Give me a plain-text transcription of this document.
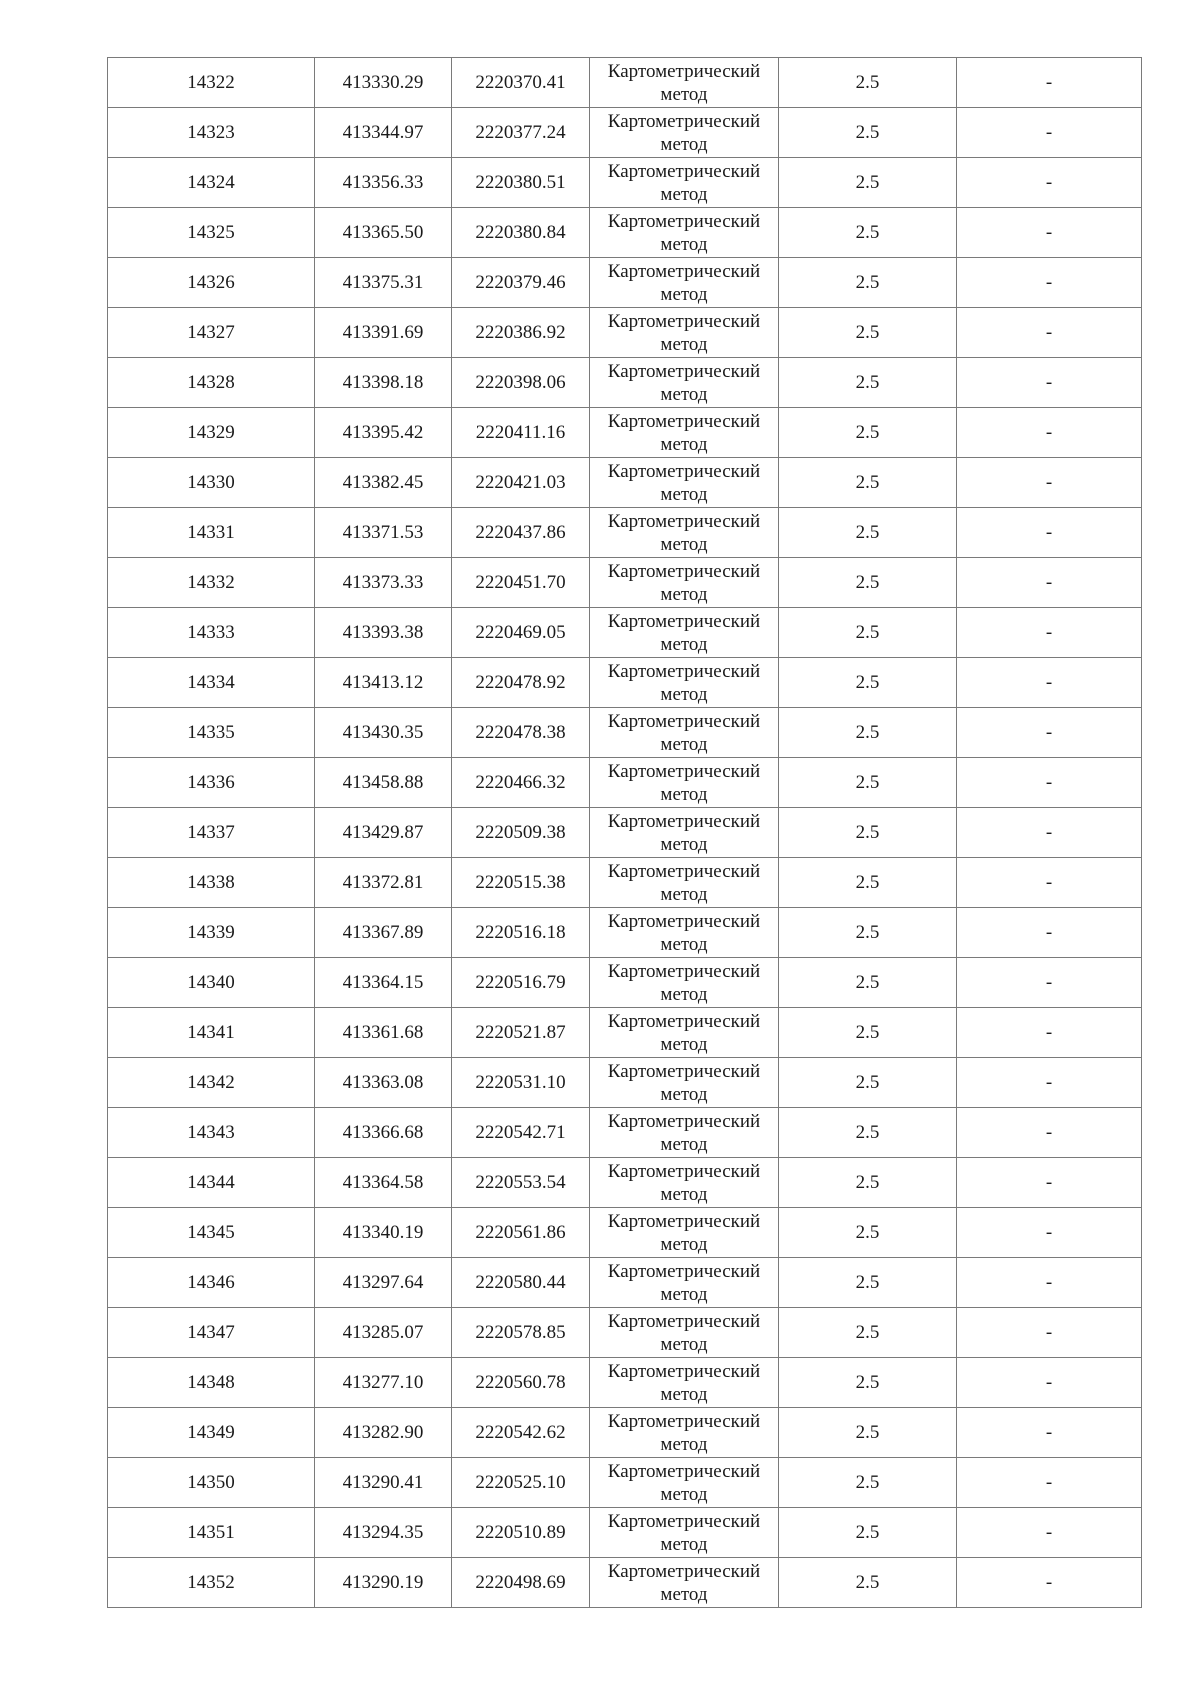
14322	413330.29	2220370.41	Картометрический метод	2.5	-
14323	413344.97	2220377.24	Картометрический метод	2.5	-
14324	413356.33	2220380.51	Картометрический метод	2.5	-
14325	413365.50	2220380.84	Картометрический метод	2.5	-
14326	413375.31	2220379.46	Картометрический метод	2.5	-
14327	413391.69	2220386.92	Картометрический метод	2.5	-
14328	413398.18	2220398.06	Картометрический метод	2.5	-
14329	413395.42	2220411.16	Картометрический метод	2.5	-
14330	413382.45	2220421.03	Картометрический метод	2.5	-
14331	413371.53	2220437.86	Картометрический метод	2.5	-
14332	413373.33	2220451.70	Картометрический метод	2.5	-
14333	413393.38	2220469.05	Картометрический метод	2.5	-
14334	413413.12	2220478.92	Картометрический метод	2.5	-
14335	413430.35	2220478.38	Картометрический метод	2.5	-
14336	413458.88	2220466.32	Картометрический метод	2.5	-
14337	413429.87	2220509.38	Картометрический метод	2.5	-
14338	413372.81	2220515.38	Картометрический метод	2.5	-
14339	413367.89	2220516.18	Картометрический метод	2.5	-
14340	413364.15	2220516.79	Картометрический метод	2.5	-
14341	413361.68	2220521.87	Картометрический метод	2.5	-
14342	413363.08	2220531.10	Картометрический метод	2.5	-
14343	413366.68	2220542.71	Картометрический метод	2.5	-
14344	413364.58	2220553.54	Картометрический метод	2.5	-
14345	413340.19	2220561.86	Картометрический метод	2.5	-
14346	413297.64	2220580.44	Картометрический метод	2.5	-
14347	413285.07	2220578.85	Картометрический метод	2.5	-
14348	413277.10	2220560.78	Картометрический метод	2.5	-
14349	413282.90	2220542.62	Картометрический метод	2.5	-
14350	413290.41	2220525.10	Картометрический метод	2.5	-
14351	413294.35	2220510.89	Картометрический метод	2.5	-
14352	413290.19	2220498.69	Картометрический метод	2.5	-
